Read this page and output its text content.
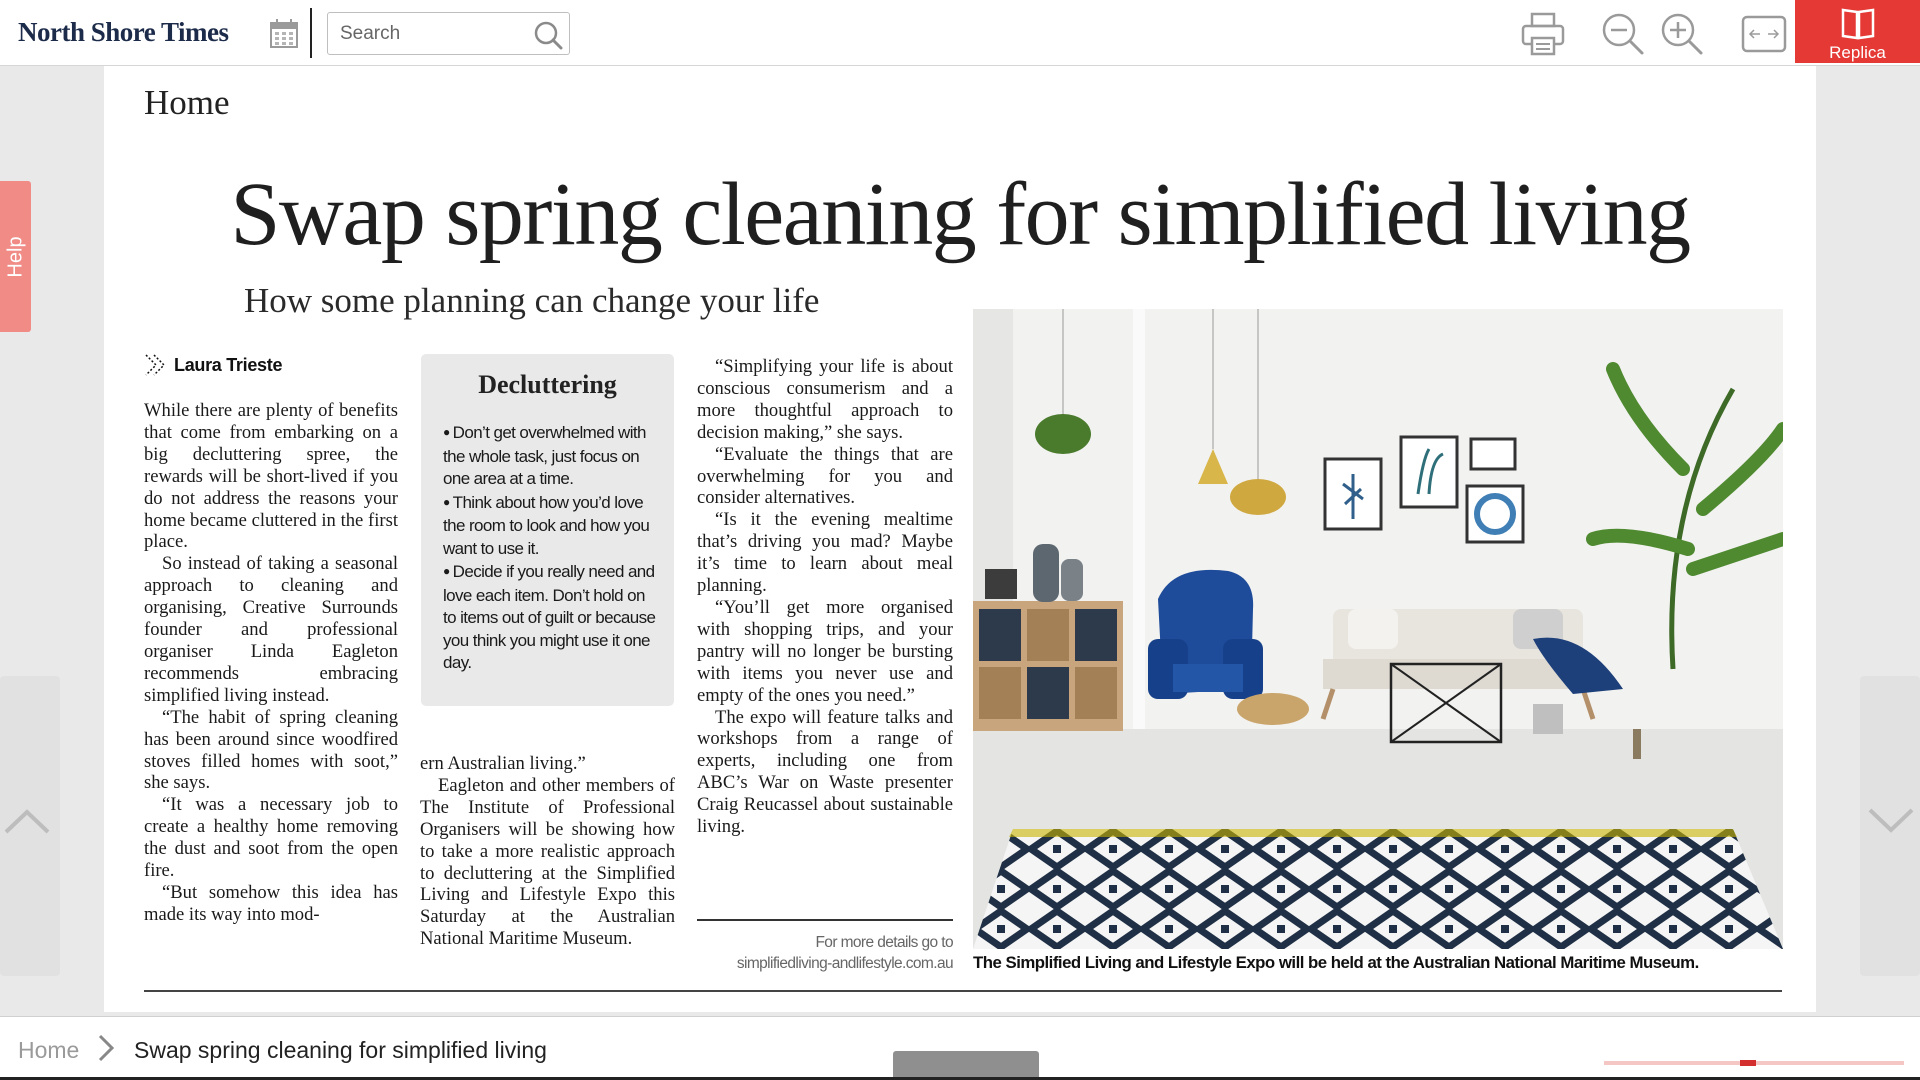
North Shore Times
Search
Replica
Help
Home
Swap spring cleaning for simplified living
How some planning can change your life
Laura Trieste

While there are plenty of benefits that come from embarking on a big decluttering spree, the rewards will be short-lived if you do not address the reasons your home became cluttered in the first place.

So instead of taking a seasonal approach to cleaning and organising, Creative Surrounds founder and professional organiser Linda Eagleton recommends embracing simplified living instead.

“The habit of spring cleaning has been around since woodfired stoves filled homes with soot,” she says.

“It was a necessary job to create a healthy home removing the dust and soot from the open fire.

“But somehow this idea has made its way into mod-

Decluttering
● Don’t get overwhelmed with the whole task, just focus on one area at a time.
● Think about how you’d love the room to look and how you want to use it.
● Decide if you really need and love each item. Don’t hold on to items out of guilt or because you think you might use it one day.

ern Australian living.”

Eagleton and other members of The Institute of Professional Organisers will be showing how to take a more realistic approach to decluttering at the Simplified Living and Lifestyle Expo this Saturday at the Australian National Maritime Museum.

“Simplifying your life is about conscious consumerism and a more thoughtful approach to decision making,” she says.

“Evaluate the things that are overwhelming for you and consider alternatives.

“Is it the evening mealtime that’s driving you mad? Maybe it’s time to learn about meal planning.

“You’ll get more organised with shopping trips, and your pantry will no longer be bursting with items you never use and empty of the ones you need.”

The expo will feature talks and workshops from a range of experts, including one from ABC’s War on Waste presenter Craig Reucassel about sustainable living.

For more details go to
simplifiedliving-andlifestyle.com.au The Simplified Living and Lifestyle Expo will be held at the Australian National Maritime Museum.
Home Swap spring cleaning for simplified living
